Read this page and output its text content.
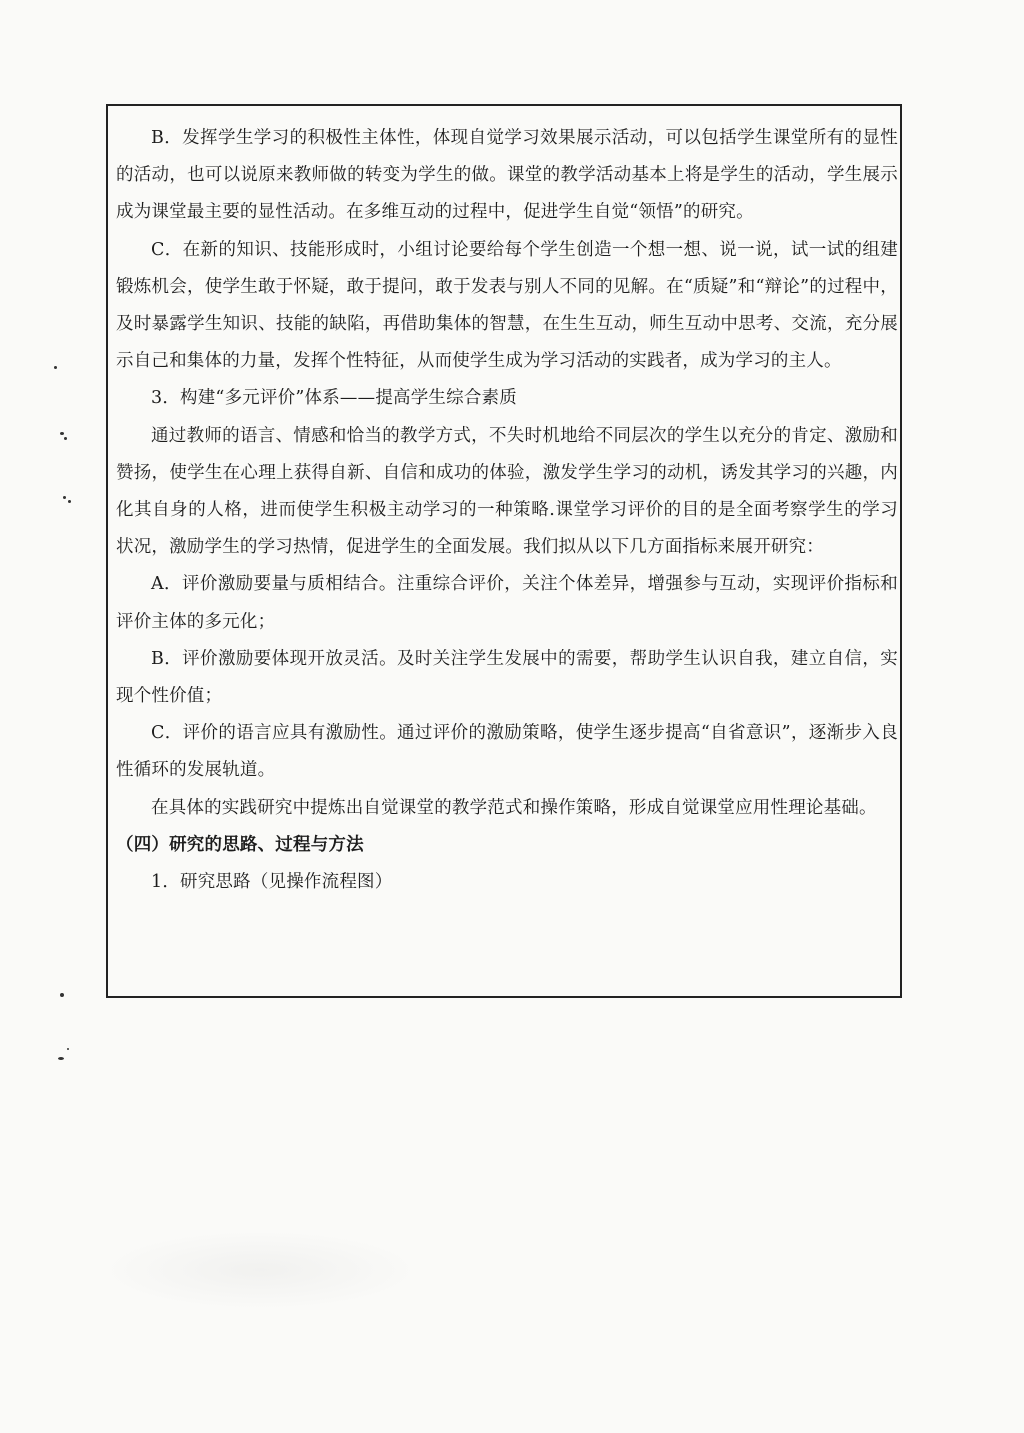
B．发挥学生学习的积极性主体性，体现自觉学习效果展示活动，可以包括学生课堂所有的显性的活动，也可以说原来教师做的转变为学生的做。课堂的教学活动基本上将是学生的活动，学生展示成为课堂最主要的显性活动。在多维互动的过程中，促进学生自觉“领悟”的研究。

C．在新的知识、技能形成时，小组讨论要给每个学生创造一个想一想、说一说，试一试的组建锻炼机会，使学生敢于怀疑，敢于提问，敢于发表与别人不同的见解。在“质疑”和“辩论”的过程中，及时暴露学生知识、技能的缺陷，再借助集体的智慧，在生生互动，师生互动中思考、交流，充分展示自己和集体的力量，发挥个性特征，从而使学生成为学习活动的实践者，成为学习的主人。

3．构建“多元评价”体系——提高学生综合素质

通过教师的语言、情感和恰当的教学方式，不失时机地给不同层次的学生以充分的肯定、激励和赞扬，使学生在心理上获得自新、自信和成功的体验，激发学生学习的动机，诱发其学习的兴趣，内化其自身的人格，进而使学生积极主动学习的一种策略.课堂学习评价的目的是全面考察学生的学习状况，激励学生的学习热情，促进学生的全面发展。我们拟从以下几方面指标来展开研究：

A．评价激励要量与质相结合。注重综合评价，关注个体差异，增强参与互动，实现评价指标和评价主体的多元化；

B．评价激励要体现开放灵活。及时关注学生发展中的需要，帮助学生认识自我，建立自信，实现个性价值；

C．评价的语言应具有激励性。通过评价的激励策略，使学生逐步提高“自省意识”，逐渐步入良性循环的发展轨道。

在具体的实践研究中提炼出自觉课堂的教学范式和操作策略，形成自觉课堂应用性理论基础。

（四）研究的思路、过程与方法

1．研究思路（见操作流程图）
